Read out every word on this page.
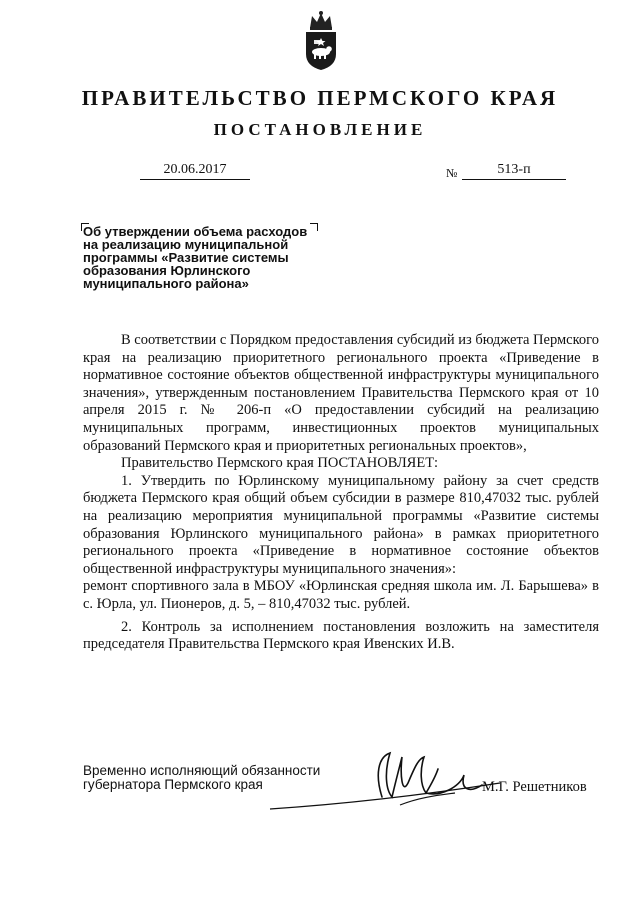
ПРАВИТЕЛЬСТВО ПЕРМСКОГО КРАЯ
ПОСТАНОВЛЕНИЕ
20.06.2017	№	513-п
Об утверждении объема расходов
на реализацию муниципальной
программы «Развитие системы
образования Юрлинского
муниципального района»

В соответствии с Порядком предоставления субсидий из бюджета Пермского края на реализацию приоритетного регионального проекта «Приведение в нормативное состояние объектов общественной инфраструктуры муниципального значения», утвержденным постановлением Правительства Пермского края от 10 апреля 2015 г. № 206-п «О предоставлении субсидий на реализацию муниципальных программ, инвестиционных проектов муниципальных образований Пермского края и приоритетных региональных проектов»,

Правительство Пермского края ПОСТАНОВЛЯЕТ:

1. Утвердить по Юрлинскому муниципальному району за счет средств бюджета Пермского края общий объем субсидии в размере 810,47032 тыс. рублей на реализацию мероприятия муниципальной программы «Развитие системы образования Юрлинского муниципального района» в рамках приоритетного регионального проекта «Приведение в нормативное состояние объектов общественной инфраструктуры муниципального значения»:

ремонт спортивного зала в МБОУ «Юрлинская средняя школа им. Л. Барышева» в с. Юрла, ул. Пионеров, д. 5, – 810,47032 тыс. рублей.

2. Контроль за исполнением постановления возложить на заместителя председателя Правительства Пермского края Ивенских И.В.

Временно исполняющий обязанности
губернатора Пермского края	М.Г. Решетников
